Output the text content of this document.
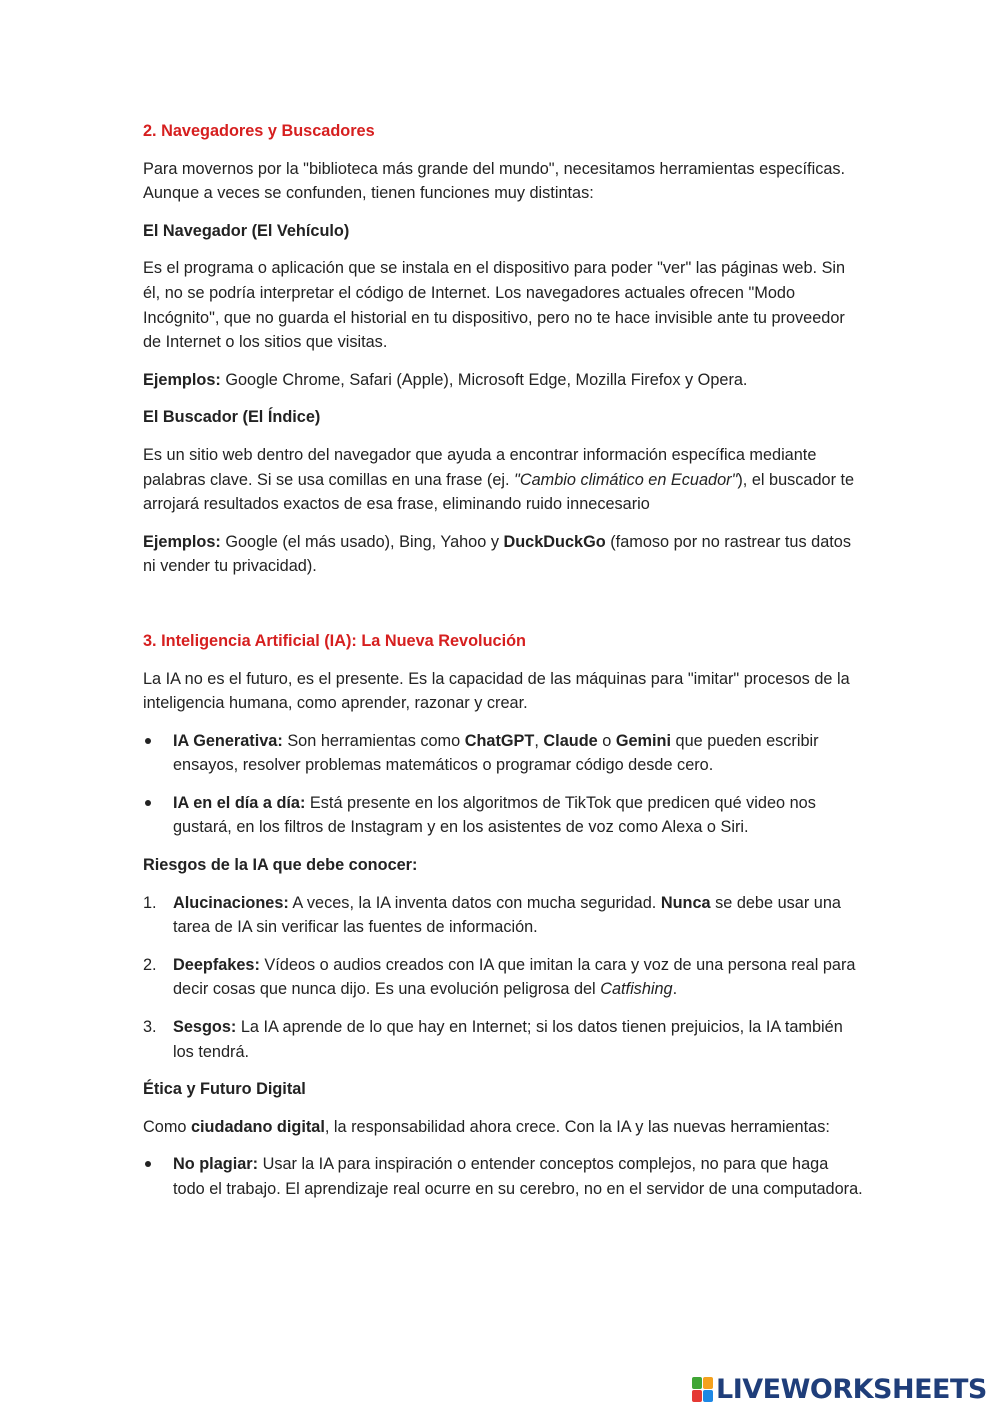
2. Navegadores y Buscadores

Para movernos por la "biblioteca más grande del mundo", necesitamos herramientas específicas. Aunque a veces se confunden, tienen funciones muy distintas:

El Navegador (El Vehículo)

Es el programa o aplicación que se instala en el dispositivo para poder "ver" las páginas web. Sin él, no se podría interpretar el código de Internet. Los navegadores actuales ofrecen "Modo Incógnito", que no guarda el historial en tu dispositivo, pero no te hace invisible ante tu proveedor de Internet o los sitios que visitas.

Ejemplos: Google Chrome, Safari (Apple), Microsoft Edge, Mozilla Firefox y Opera.

El Buscador (El Índice)

Es un sitio web dentro del navegador que ayuda a encontrar información específica mediante palabras clave. Si se usa comillas en una frase (ej. "Cambio climático en Ecuador"), el buscador te arrojará resultados exactos de esa frase, eliminando ruido innecesario

Ejemplos: Google (el más usado), Bing, Yahoo y DuckDuckGo (famoso por no rastrear tus datos ni vender tu privacidad).

3. Inteligencia Artificial (IA): La Nueva Revolución

La IA no es el futuro, es el presente. Es la capacidad de las máquinas para "imitar" procesos de la inteligencia humana, como aprender, razonar y crear.

IA Generativa: Son herramientas como ChatGPT, Claude o Gemini que pueden escribir ensayos, resolver problemas matemáticos o programar código desde cero.
IA en el día a día: Está presente en los algoritmos de TikTok que predicen qué video nos gustará, en los filtros de Instagram y en los asistentes de voz como Alexa o Siri.
Riesgos de la IA que debe conocer:
1.	Alucinaciones: A veces, la IA inventa datos con mucha seguridad. Nunca se debe usar una tarea de IA sin verificar las fuentes de información.
2.	Deepfakes: Vídeos o audios creados con IA que imitan la cara y voz de una persona real para decir cosas que nunca dijo. Es una evolución peligrosa del Catfishing.
3.	Sesgos: La IA aprende de lo que hay en Internet; si los datos tienen prejuicios, la IA también los tendrá.
Ética y Futuro Digital

Como ciudadano digital, la responsabilidad ahora crece. Con la IA y las nuevas herramientas:

No plagiar: Usar la IA para inspiración o entender conceptos complejos, no para que haga todo el trabajo. El aprendizaje real ocurre en su cerebro, no en el servidor de una computadora.
LIVEWORKSHEETS
